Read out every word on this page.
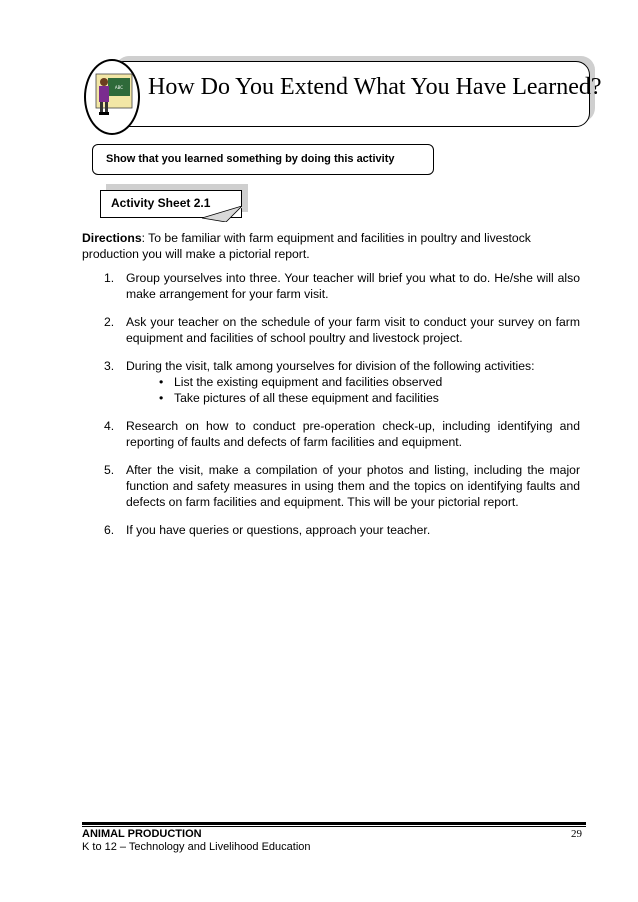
ABC How Do You Extend What You Have Learned?
Show that you learned something by doing this activity
Activity Sheet 2.1
Directions: To be familiar with farm equipment and facilities in poultry and livestock production you will make a pictorial report.
1. Group yourselves into three. Your teacher will brief you what to do. He/she will also make arrangement for your farm visit.
2. Ask your teacher on the schedule of your farm visit to conduct your survey on farm equipment and facilities of school poultry and livestock project.
3. During the visit, talk among yourselves for division of the following activities:
• List the existing equipment and facilities observed
• Take pictures of all these equipment and facilities
4. Research on how to conduct pre-operation check-up, including identifying and reporting of faults and defects of farm facilities and equipment.
5. After the visit, make a compilation of your photos and listing, including the major function and safety measures in using them and the topics on identifying faults and defects on farm facilities and equipment. This will be your pictorial report.
6. If you have queries or questions, approach your teacher.
ANIMAL PRODUCTION
K to 12 – Technology and Livelihood Education
29
